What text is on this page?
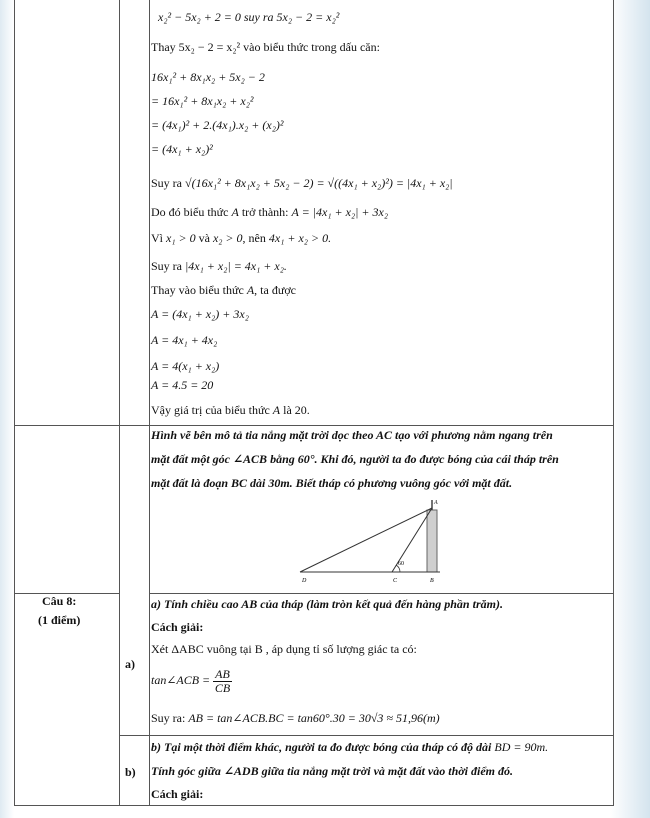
x₂² − 5x₂ + 2 = 0 suy ra 5x₂ − 2 = x₂²
Thay 5x₂ − 2 = x₂² vào biểu thức trong dấu căn:
16x₁² + 8x₁x₂ + 5x₂ − 2
= 16x₁² + 8x₁x₂ + x₂²
= (4x₁)² + 2.(4x₁).x₂ + (x₂)²
= (4x₁ + x₂)²
Suy ra √(16x₁² + 8x₁x₂ + 5x₂ − 2) = √((4x₁ + x₂)²) = |4x₁ + x₂|
Do đó biểu thức A trở thành: A = |4x₁ + x₂| + 3x₂
Vì x₁ > 0 và x₂ > 0, nên 4x₁ + x₂ > 0.
Suy ra |4x₁ + x₂| = 4x₁ + x₂.
Thay vào biểu thức A, ta được
A = (4x₁ + x₂) + 3x₂
A = 4x₁ + 4x₂
A = 4(x₁ + x₂)
A = 4.5 = 20
Vậy giá trị của biểu thức A là 20.
Câu 8:
(1 điểm)
Hình vẽ bên mô tả tia nắng mặt trời dọc theo AC tạo với phương nằm ngang trên
mặt đất một góc ∠ACB bằng 60°. Khi đó, người ta đo được bóng của cái tháp trên
mặt đất là đoạn BC dài 30m. Biết tháp có phương vuông góc với mặt đất.
60
A
B
C
D
a)
a) Tính chiều cao AB của tháp (làm tròn kết quả đến hàng phần trăm).
Cách giải:
Xét ΔABC vuông tại B , áp dụng tỉ số lượng giác ta có:
tan∠ACB = $\frac{AB}{CB}$
Suy ra: AB = tan∠ACB.BC = tan60°.30 = 30√3 ≈ 51,96(m)
b)
b) Tại một thời điểm khác, người ta đo được bóng của tháp có độ dài BD = 90m.
Tính góc giữa ∠ADB giữa tia nắng mặt trời và mặt đất vào thời điểm đó.
Cách giải:
